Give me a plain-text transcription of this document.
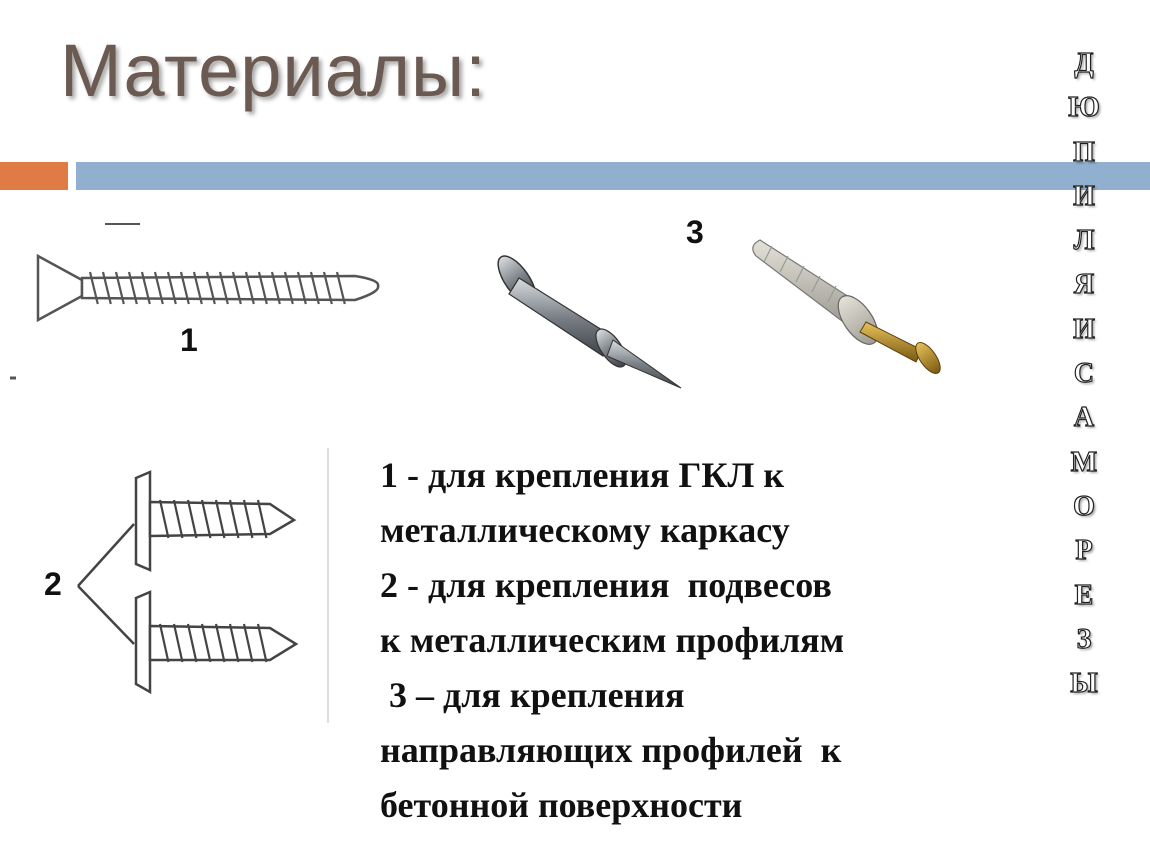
Материалы:	Д
Ю
П
И
Л
Я
И
С
А
М
О
Р
Е
З
Ы
1
3
2
1 - для крепления ГКЛ к
металлическому каркасу
2 - для крепления  подвесов
к металлическим профилям
3 – для крепления
направляющих профилей  к
бетонной поверхности
